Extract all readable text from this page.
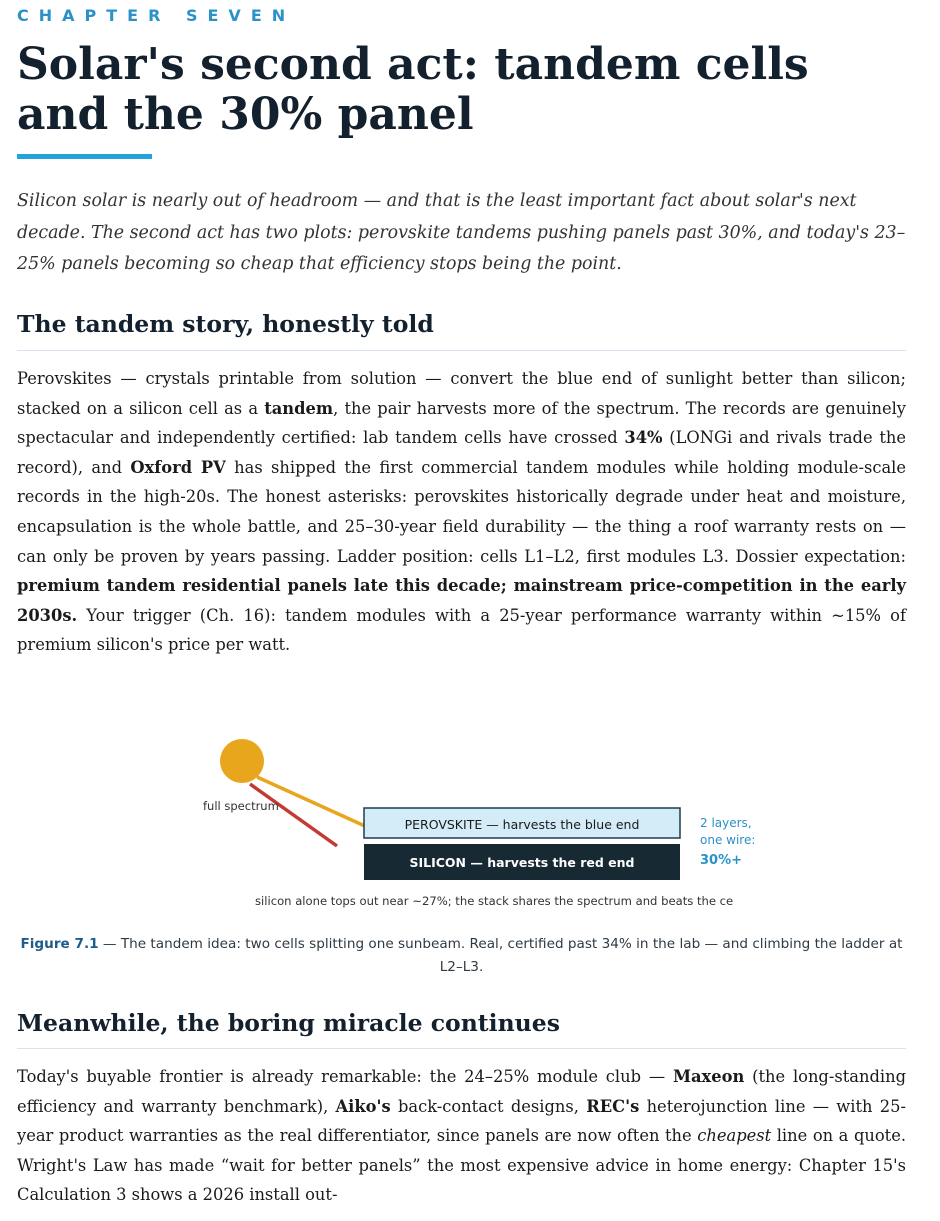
CHAPTER SEVEN
Solar's second act: tandem cells
and the 30% panel

Silicon solar is nearly out of headroom — and that is the least important fact about solar's next decade. The second act has two plots: perovskite tandems pushing panels past 30%, and today's 23–25% panels becoming so cheap that efficiency stops being the point.

The tandem story, honestly told

Perovskites — crystals printable from solution — convert the blue end of sunlight better than silicon; stacked on a silicon cell as a tandem, the pair harvests more of the spectrum. The records are genuinely spectacular and independently certified: lab tandem cells have crossed 34% (LONGi and rivals trade the record), and Oxford PV has shipped the first commercial tandem modules while holding module-scale records in the high-20s. The honest asterisks: perovskites historically degrade under heat and moisture, encapsulation is the whole battle, and 25–30-year field durability — the thing a roof warranty rests on — can only be proven by years passing. Ladder position: cells L1–L2, first modules L3. Dossier expectation: premium tandem residential panels late this decade; mainstream price-competition in the early 2030s. Your trigger (Ch. 16): tandem modules with a 25-year performance warranty within ~15% of premium silicon's price per watt.

full spectrum
PEROVSKITE — harvests the blue end
SILICON — harvests the red end
2 layers,
one wire:
30%+
silicon alone tops out near ~27%; the stack shares the spectrum and beats the ce

Figure 7.1 — The tandem idea: two cells splitting one sunbeam. Real, certified past 34% in the lab — and climbing the ladder at L2–L3.

Meanwhile, the boring miracle continues

Today's buyable frontier is already remarkable: the 24–25% module club — Maxeon (the long-standing efficiency and warranty benchmark), Aiko's back-contact designs, REC's heterojunction line — with 25-year product warranties as the real differentiator, since panels are now often the cheapest line on a quote. Wright's Law has made “wait for better panels” the most expensive advice in home energy: Chapter 15's Calculation 3 shows a 2026 install out-
